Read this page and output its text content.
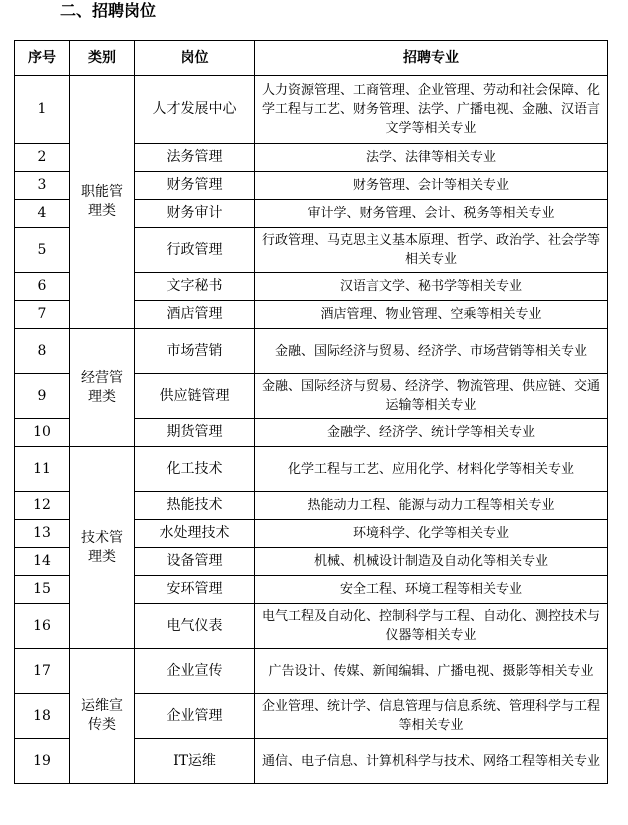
二、招聘岗位
序号	类别	岗位	招聘专业
1	职能管理类	人才发展中心	人力资源管理、工商管理、企业管理、劳动和社会保障、化学工程与工艺、财务管理、法学、广播电视、金融、汉语言文学等相关专业
2		法务管理	法学、法律等相关专业
3		财务管理	财务管理、会计等相关专业
4		财务审计	审计学、财务管理、会计、税务等相关专业
5		行政管理	行政管理、马克思主义基本原理、哲学、政治学、社会学等相关专业
6		文字秘书	汉语言文学、秘书学等相关专业
7		酒店管理	酒店管理、物业管理、空乘等相关专业
8	经营管理类	市场营销	金融、国际经济与贸易、经济学、市场营销等相关专业
9		供应链管理	金融、国际经济与贸易、经济学、物流管理、供应链、交通运输等相关专业
10		期货管理	金融学、经济学、统计学等相关专业
11	技术管理类	化工技术	化学工程与工艺、应用化学、材料化学等相关专业
12		热能技术	热能动力工程、能源与动力工程等相关专业
13		水处理技术	环境科学、化学等相关专业
14		设备管理	机械、机械设计制造及自动化等相关专业
15		安环管理	安全工程、环境工程等相关专业
16		电气仪表	电气工程及自动化、控制科学与工程、自动化、测控技术与仪器等相关专业
17	运维宣传类	企业宣传	广告设计、传媒、新闻编辑、广播电视、摄影等相关专业
18		企业管理	企业管理、统计学、信息管理与信息系统、管理科学与工程等相关专业
19		IT运维	通信、电子信息、计算机科学与技术、网络工程等相关专业
